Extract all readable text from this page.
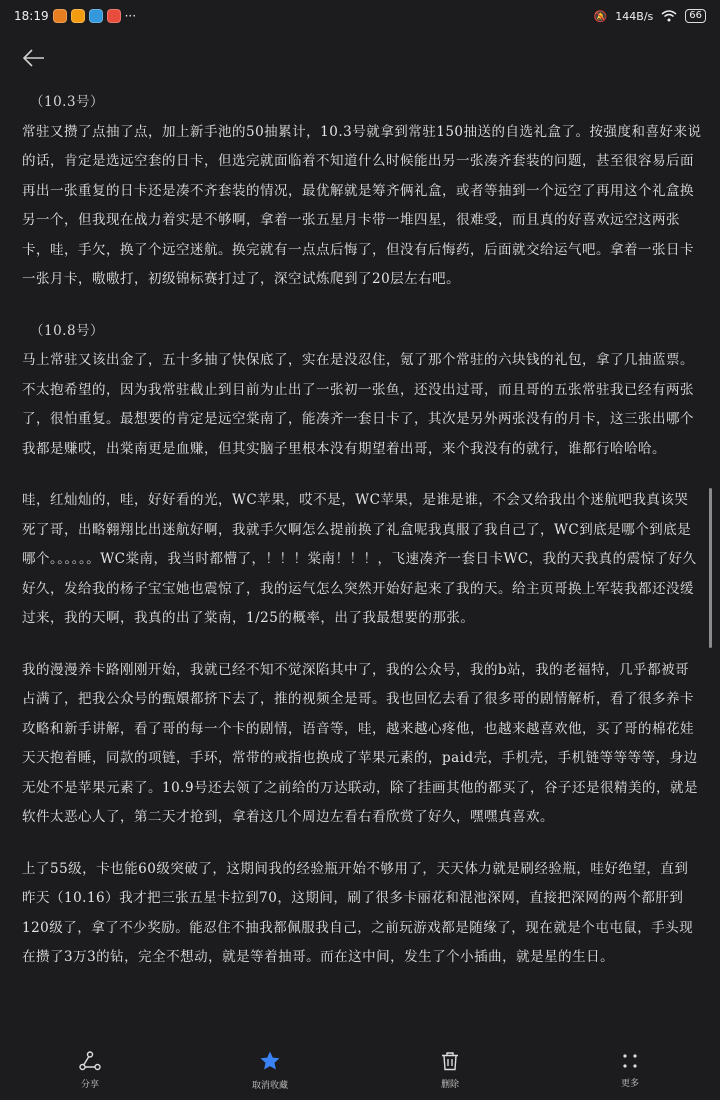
18:19	···	🔕 144B/s	66

（10.3号）

常驻又攒了点抽了点，加上新手池的50抽累计，10.3号就拿到常驻150抽送的自选礼盒了。按强度和喜好来说的话，肯定是选远空套的日卡，但选完就面临着不知道什么时候能出另一张凑齐套装的问题，甚至很容易后面再出一张重复的日卡还是凑不齐套装的情况，最优解就是筹齐俩礼盒，或者等抽到一个远空了再用这个礼盒换另一个，但我现在战力着实是不够啊，拿着一张五星月卡带一堆四星，很难受，而且真的好喜欢远空这两张卡，哇，手欠，换了个远空迷航。换完就有一点点后悔了，但没有后悔药，后面就交给运气吧。拿着一张日卡一张月卡，嗷嗷打，初级锦标赛打过了，深空试炼爬到了20层左右吧。

（10.8号）

马上常驻又该出金了，五十多抽了快保底了，实在是没忍住，氪了那个常驻的六块钱的礼包，拿了几抽蓝票。不太抱希望的，因为我常驻截止到目前为止出了一张初一张鱼，还没出过哥，而且哥的五张常驻我已经有两张了，很怕重复。最想要的肯定是远空棠南了，能凑齐一套日卡了，其次是另外两张没有的月卡，这三张出哪个我都是赚哎，出棠南更是血赚，但其实脑子里根本没有期望着出哥，来个我没有的就行，谁都行哈哈哈。

哇，红灿灿的，哇，好好看的光，WC苹果，哎不是，WC苹果，是谁是谁，不会又给我出个迷航吧我真该哭死了哥，出略翱翔比出迷航好啊，我就手欠啊怎么提前换了礼盒呢我真服了我自己了，WC到底是哪个到底是哪个。。。。。。WC棠南，我当时都懵了，！！！棠南！！！，飞速凑齐一套日卡WC，我的天我真的震惊了好久好久，发给我的杨子宝宝她也震惊了，我的运气怎么突然开始好起来了我的天。给主页哥换上军装我都还没缓过来，我的天啊，我真的出了棠南，1/25的概率，出了我最想要的那张。

我的漫漫养卡路刚刚开始，我就已经不知不觉深陷其中了，我的公众号，我的b站，我的老福特，几乎都被哥占满了，把我公众号的甄嬛都挤下去了，推的视频全是哥。我也回忆去看了很多哥的剧情解析，看了很多养卡攻略和新手讲解，看了哥的每一个卡的剧情，语音等，哇，越来越心疼他，也越来越喜欢他，买了哥的棉花娃天天抱着睡，同款的项链，手环，常带的戒指也换成了苹果元素的，paid壳，手机壳，手机链等等等等，身边无处不是苹果元素了。10.9号还去领了之前给的万达联动，除了挂画其他的都买了，谷子还是很精美的，就是软件太恶心人了，第二天才抢到，拿着这几个周边左看右看欣赏了好久，嘿嘿真喜欢。

上了55级，卡也能60级突破了，这期间我的经验瓶开始不够用了，天天体力就是刷经验瓶，哇好绝望，直到昨天（10.16）我才把三张五星卡拉到70，这期间，刷了很多卡丽花和混池深网，直接把深网的两个都肝到120级了，拿了不少奖励。能忍住不抽我都佩服我自己，之前玩游戏都是随缘了，现在就是个屯屯鼠，手头现在攒了3万3的钻，完全不想动，就是等着抽哥。而在这中间，发生了个小插曲，就是星的生日。

分享	取消收藏	删除	更多
